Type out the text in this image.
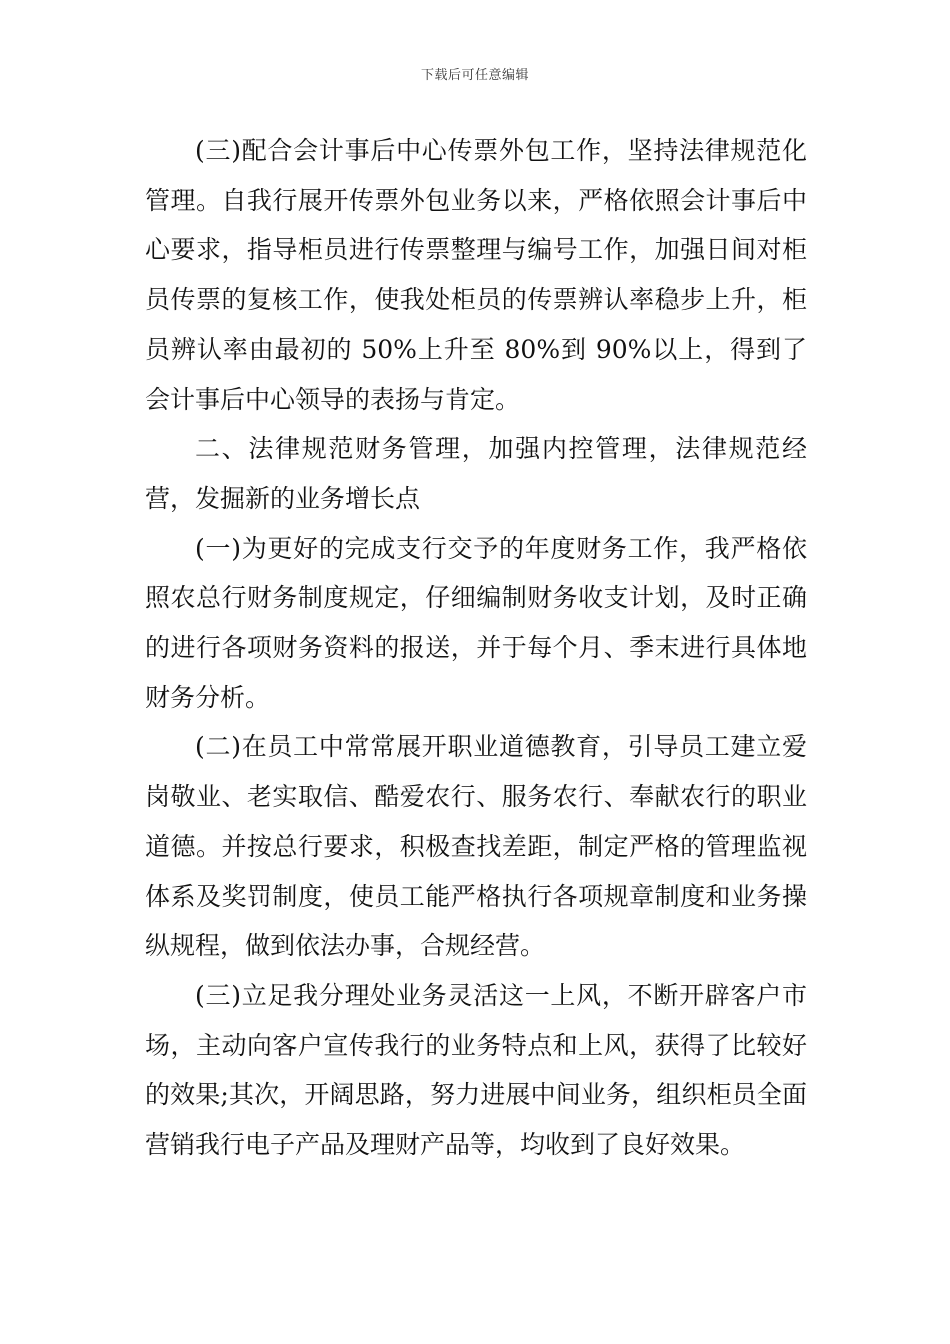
下载后可任意编辑

(三)配合会计事后中心传票外包工作，坚持法律规范化管理。自我行展开传票外包业务以来，严格依照会计事后中心要求，指导柜员进行传票整理与编号工作，加强日间对柜员传票的复核工作，使我处柜员的传票辨认率稳步上升，柜员辨认率由最初的 50%上升至 80%到 90%以上，得到了会计事后中心领导的表扬与肯定。

二、法律规范财务管理，加强内控管理，法律规范经营，发掘新的业务增长点

(一)为更好的完成支行交予的年度财务工作，我严格依照农总行财务制度规定，仔细编制财务收支计划，及时正确的进行各项财务资料的报送，并于每个月、季末进行具体地财务分析。

(二)在员工中常常展开职业道德教育，引导员工建立爱岗敬业、老实取信、酷爱农行、服务农行、奉献农行的职业道德。并按总行要求，积极查找差距，制定严格的管理监视体系及奖罚制度，使员工能严格执行各项规章制度和业务操纵规程，做到依法办事，合规经营。

(三)立足我分理处业务灵活这一上风，不断开辟客户市场，主动向客户宣传我行的业务特点和上风，获得了比较好的效果;其次，开阔思路，努力进展中间业务，组织柜员全面营销我行电子产品及理财产品等，均收到了良好效果。
